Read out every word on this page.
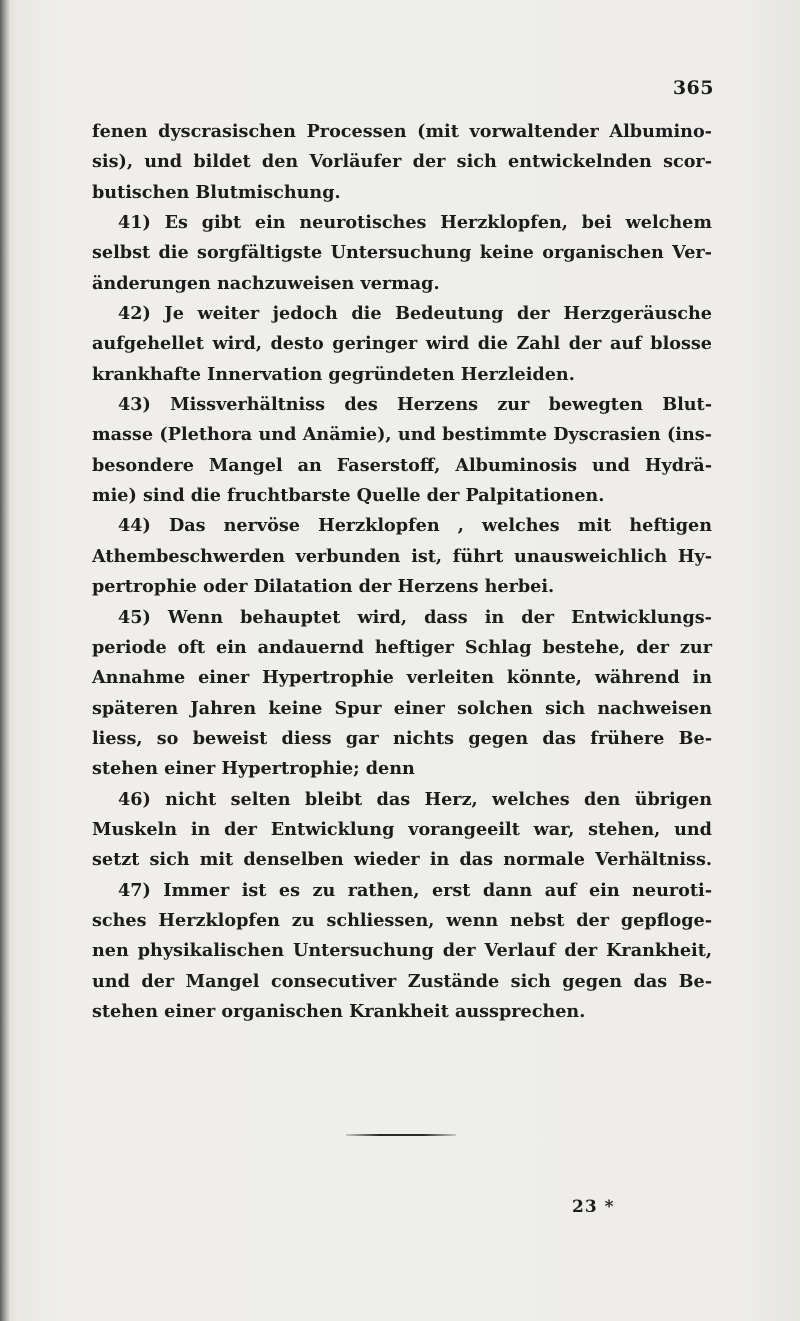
365
fenen dyscrasischen Processen (mit vorwaltender Albumino-
sis), und bildet den Vorläufer der sich entwickelnden scor-
butischen Blutmischung.
41) Es gibt ein neurotisches Herzklopfen, bei welchem
selbst die sorgfältigste Untersuchung keine organischen Ver-
änderungen nachzuweisen vermag.
42) Je weiter jedoch die Bedeutung der Herzgeräusche
aufgehellet wird, desto geringer wird die Zahl der auf blosse
krankhafte Innervation gegründeten Herzleiden.
43) Missverhältniss des Herzens zur bewegten Blut-
masse (Plethora und Anämie), und bestimmte Dyscrasien (ins-
besondere Mangel an Faserstoff, Albuminosis und Hydrä-
mie) sind die fruchtbarste Quelle der Palpitationen.
44) Das nervöse Herzklopfen , welches mit heftigen
Athembeschwerden verbunden ist, führt unausweichlich Hy-
pertrophie oder Dilatation der Herzens herbei.
45) Wenn behauptet wird, dass in der Entwicklungs-
periode oft ein andauernd heftiger Schlag bestehe, der zur
Annahme einer Hypertrophie verleiten könnte, während in
späteren Jahren keine Spur einer solchen sich nachweisen
liess, so beweist diess gar nichts gegen das frühere Be-
stehen einer Hypertrophie; denn
46) nicht selten bleibt das Herz, welches den übrigen
Muskeln in der Entwicklung vorangeeilt war, stehen, und
setzt sich mit denselben wieder in das normale Verhältniss.
47) Immer ist es zu rathen, erst dann auf ein neuroti-
sches Herzklopfen zu schliessen, wenn nebst der gepfloge-
nen physikalischen Untersuchung der Verlauf der Krankheit,
und der Mangel consecutiver Zustände sich gegen das Be-
stehen einer organischen Krankheit aussprechen.
23 *
